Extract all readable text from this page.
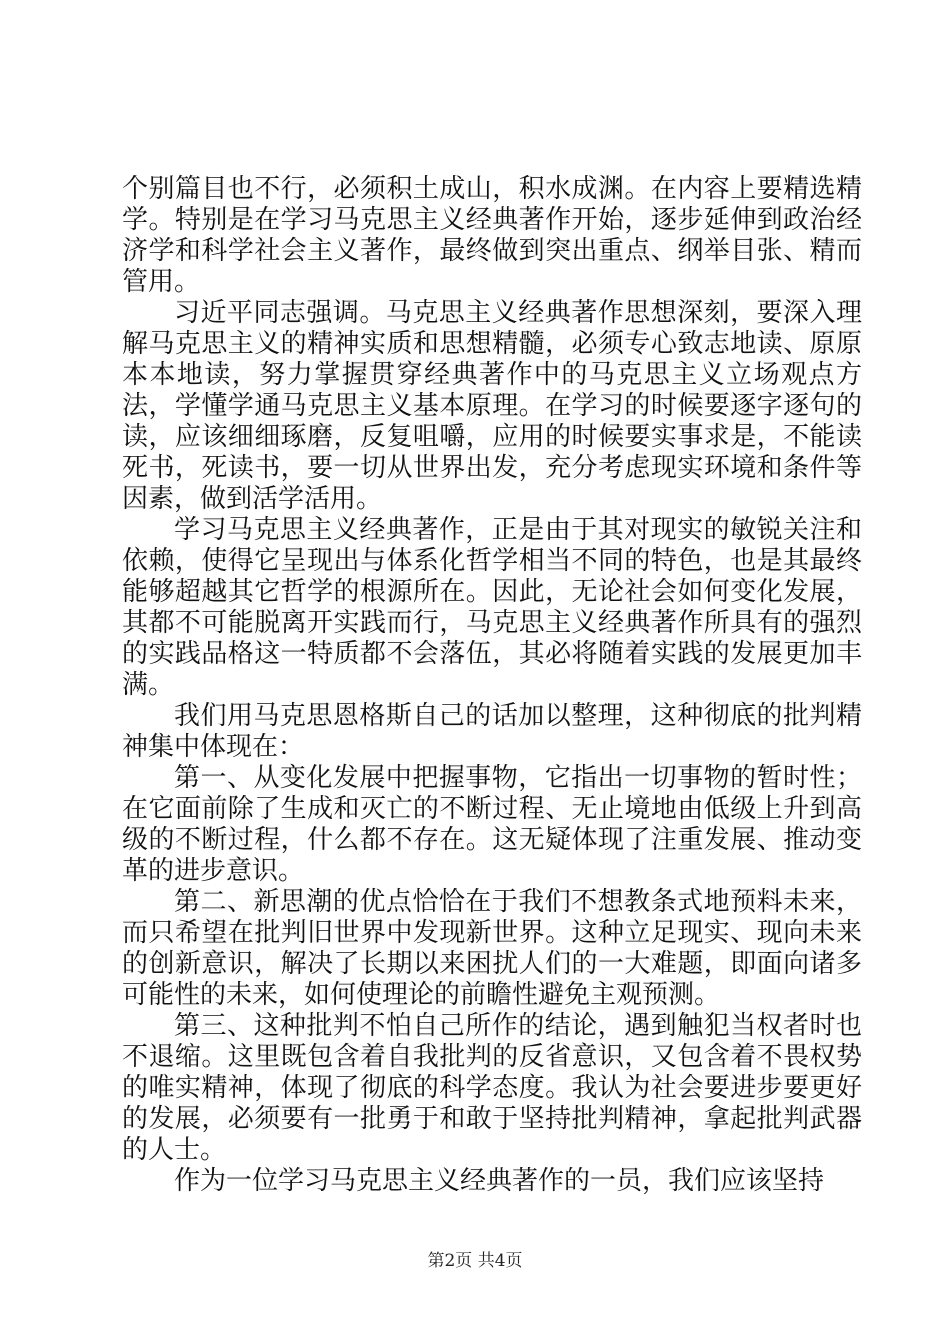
个别篇目也不行，必须积土成山，积水成渊。在内容上要精选精学。特别是在学习马克思主义经典著作开始，逐步延伸到政治经济学和科学社会主义著作，最终做到突出重点、纲举目张、精而管用。

习近平同志强调。马克思主义经典著作思想深刻，要深入理解马克思主义的精神实质和思想精髓，必须专心致志地读、原原本本地读，努力掌握贯穿经典著作中的马克思主义立场观点方法，学懂学通马克思主义基本原理。在学习的时候要逐字逐句的读，应该细细琢磨，反复咀嚼，应用的时候要实事求是，不能读死书，死读书，要一切从世界出发，充分考虑现实环境和条件等因素，做到活学活用。

学习马克思主义经典著作，正是由于其对现实的敏锐关注和依赖，使得它呈现出与体系化哲学相当不同的特色，也是其最终能够超越其它哲学的根源所在。因此，无论社会如何变化发展，其都不可能脱离开实践而行，马克思主义经典著作所具有的强烈的实践品格这一特质都不会落伍，其必将随着实践的发展更加丰满。

我们用马克思恩格斯自己的话加以整理，这种彻底的批判精神集中体现在：

第一、从变化发展中把握事物，它指出一切事物的暂时性；在它面前除了生成和灭亡的不断过程、无止境地由低级上升到高级的不断过程，什么都不存在。这无疑体现了注重发展、推动变革的进步意识。

第二、新思潮的优点恰恰在于我们不想教条式地预料未来，而只希望在批判旧世界中发现新世界。这种立足现实、现向未来的创新意识，解决了长期以来困扰人们的一大难题，即面向诸多可能性的未来，如何使理论的前瞻性避免主观预测。

第三、这种批判不怕自己所作的结论，遇到触犯当权者时也不退缩。这里既包含着自我批判的反省意识，又包含着不畏权势的唯实精神，体现了彻底的科学态度。我认为社会要进步要更好的发展，必须要有一批勇于和敢于坚持批判精神，拿起批判武器的人士。

作为一位学习马克思主义经典著作的一员，我们应该坚持

第2页 共4页
